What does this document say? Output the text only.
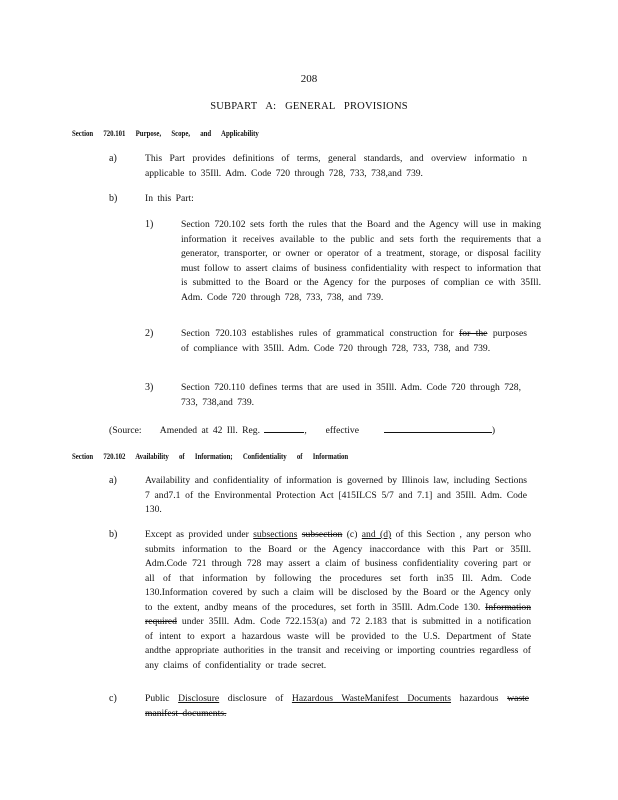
208
SUBPART A: GENERAL PROVISIONS
Section 720.101 Purpose, Scope, and Applicability
a)	This Part provides definitions of terms, general standards, and overview informatio n applicable to 35Ill. Adm. Code 720 through 728, 733, 738,and 739.
b)	In this Part:
1)	Section 720.102 sets forth the rules that the Board and the Agency will use in making information it receives available to the public and sets forth the requirements that a generator, transporter, or owner or operator of a treatment, storage, or disposal facility must follow to assert claims of business confidentiality with respect to information that is submitted to the Board or the Agency for the purposes of complian ce with 35Ill. Adm. Code 720 through 728, 733, 738, and 739.
2)	Section 720.103 establishes rules of grammatical construction for for the purposes of compliance with 35Ill. Adm. Code 720 through 728, 733, 738, and 739.
3)	Section 720.110 defines terms that are used in 35Ill. Adm. Code 720 through 728, 733, 738,and 739.
(Source: Amended at 42 Ill. Reg.	, effective	)
Section 720.102 Availability of Information; Confidentiality of Information
a)	Availability and confidentiality of information is governed by Illinois law, including Sections 7 and7.1 of the Environmental Protection Act [415ILCS 5/7 and 7.1] and 35Ill. Adm. Code 130.
b)	Except as provided under subsections subsection (c) and (d) of this Section , any person who submits information to the Board or the Agency inaccordance with this Part or 35Ill. Adm.Code 721 through 728 may assert a claim of business confidentiality covering part or all of that information by following the procedures set forth in35 Ill. Adm. Code 130.Information covered by such a claim will be disclosed by the Board or the Agency only to the extent, andby means of the procedures, set forth in 35Ill. Adm.Code 130. Information required under 35Ill. Adm. Code 722.153(a) and 72 2.183 that is submitted in a notification of intent to export a hazardous waste will be provided to the U.S. Department of State andthe appropriate authorities in the transit and receiving or importing countries regardless of any claims of confidentiality or trade secret.
c)	Public Disclosure disclosure of Hazardous WasteManifest Documents hazardous waste manifest documents.
